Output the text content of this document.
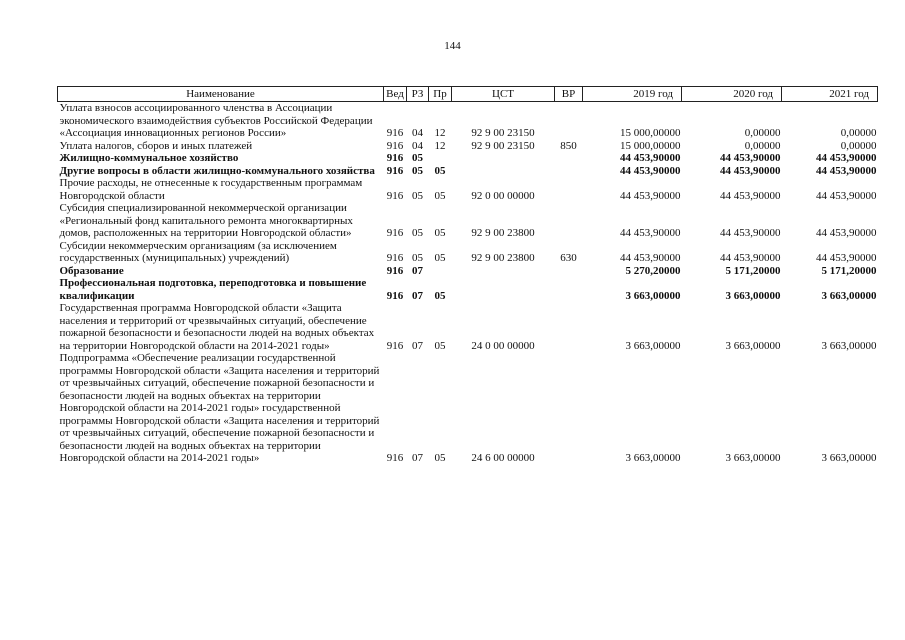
144
Наименование	Вед	РЗ	Пр	ЦСТ	ВР	2019 год	2020 год	2021 год
Уплата взносов ассоциированного членства в Ассоциации экономического взаимодействия субъектов Российской Федерации «Ассоциация инновационных регионов России»	916	04	12	92 9 00 23150		15 000,00000	0,00000	0,00000
Уплата налогов, сборов и иных платежей	916	04	12	92 9 00 23150	850	15 000,00000	0,00000	0,00000
Жилищно-коммунальное хозяйство	916	05				44 453,90000	44 453,90000	44 453,90000
Другие вопросы в области жилищно-коммунального хозяйства	916	05	05			44 453,90000	44 453,90000	44 453,90000
Прочие расходы, не отнесенные к государственным программам Новгородской области	916	05	05	92 0 00 00000		44 453,90000	44 453,90000	44 453,90000
Субсидия специализированной некоммерческой организации «Региональный фонд капитального ремонта многоквартирных домов, расположенных на территории Новгородской области»	916	05	05	92 9 00 23800		44 453,90000	44 453,90000	44 453,90000
Субсидии некоммерческим организациям (за исключением государственных (муниципальных) учреждений)	916	05	05	92 9 00 23800	630	44 453,90000	44 453,90000	44 453,90000
Образование	916	07				5 270,20000	5 171,20000	5 171,20000
Профессиональная подготовка, переподготовка и повышение квалификации	916	07	05			3 663,00000	3 663,00000	3 663,00000
Государственная программа Новгородской области «Защита населения и территорий от чрезвычайных ситуаций, обеспечение пожарной безопасности и безопасности людей на водных объектах на территории Новгородской области на 2014-2021 годы»	916	07	05	24 0 00 00000		3 663,00000	3 663,00000	3 663,00000
Подпрограмма «Обеспечение реализации государственной программы Новгородской области «Защита населения и территорий от чрезвычайных ситуаций, обеспечение пожарной безопасности и безопасности людей на водных объектах на территории Новгородской области на 2014-2021 годы» государственной программы Новгородской области «Защита населения и территорий от чрезвычайных ситуаций, обеспечение пожарной безопасности и безопасности людей на водных объектах на территории Новгородской области на 2014-2021 годы»	916	07	05	24 6 00 00000		3 663,00000	3 663,00000	3 663,00000
